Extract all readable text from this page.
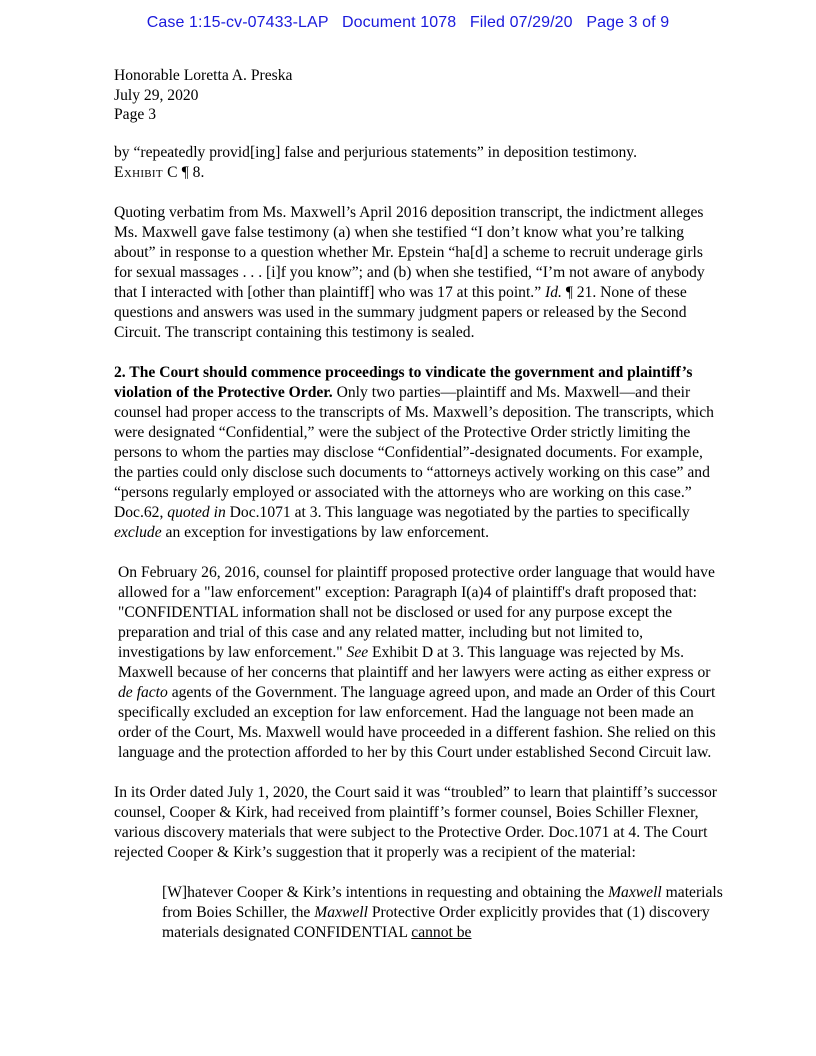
Case 1:15-cv-07433-LAP Document 1078 Filed 07/29/20 Page 3 of 9
Honorable Loretta A. Preska
July 29, 2020
Page 3

by “repeatedly provid[ing] false and perjurious statements” in deposition testimony.
Exhibit C ¶ 8.

Quoting verbatim from Ms. Maxwell’s April 2016 deposition transcript, the indictment alleges Ms. Maxwell gave false testimony (a) when she testified “I don’t know what you’re talking about” in response to a question whether Mr. Epstein “ha[d] a scheme to recruit underage girls for sexual massages . . . [i]f you know”; and (b) when she testified, “I’m not aware of anybody that I interacted with [other than plaintiff] who was 17 at this point.” Id. ¶ 21. None of these questions and answers was used in the summary judgment papers or released by the Second Circuit. The transcript containing this testimony is sealed.

2. The Court should commence proceedings to vindicate the government and plaintiff’s violation of the Protective Order. Only two parties—plaintiff and Ms. Maxwell—and their counsel had proper access to the transcripts of Ms. Maxwell’s deposition. The transcripts, which were designated “Confidential,” were the subject of the Protective Order strictly limiting the persons to whom the parties may disclose “Confidential”-designated documents. For example, the parties could only disclose such documents to “attorneys actively working on this case” and “persons regularly employed or associated with the attorneys who are working on this case.” Doc.62, quoted in Doc.1071 at 3. This language was negotiated by the parties to specifically exclude an exception for investigations by law enforcement.

On February 26, 2016, counsel for plaintiff proposed protective order language that would have allowed for a "law enforcement" exception: Paragraph I(a)4 of plaintiff's draft proposed that: "CONFIDENTIAL information shall not be disclosed or used for any purpose except the preparation and trial of this case and any related matter, including but not limited to, investigations by law enforcement." See Exhibit D at 3. This language was rejected by Ms. Maxwell because of her concerns that plaintiff and her lawyers were acting as either express or de facto agents of the Government. The language agreed upon, and made an Order of this Court specifically excluded an exception for law enforcement. Had the language not been made an order of the Court, Ms. Maxwell would have proceeded in a different fashion. She relied on this language and the protection afforded to her by this Court under established Second Circuit law.

In its Order dated July 1, 2020, the Court said it was “troubled” to learn that plaintiff’s successor counsel, Cooper & Kirk, had received from plaintiff’s former counsel, Boies Schiller Flexner, various discovery materials that were subject to the Protective Order. Doc.1071 at 4. The Court rejected Cooper & Kirk’s suggestion that it properly was a recipient of the material:

[W]hatever Cooper & Kirk’s intentions in requesting and obtaining the Maxwell materials from Boies Schiller, the Maxwell Protective Order explicitly provides that (1) discovery materials designated CONFIDENTIAL cannot be
